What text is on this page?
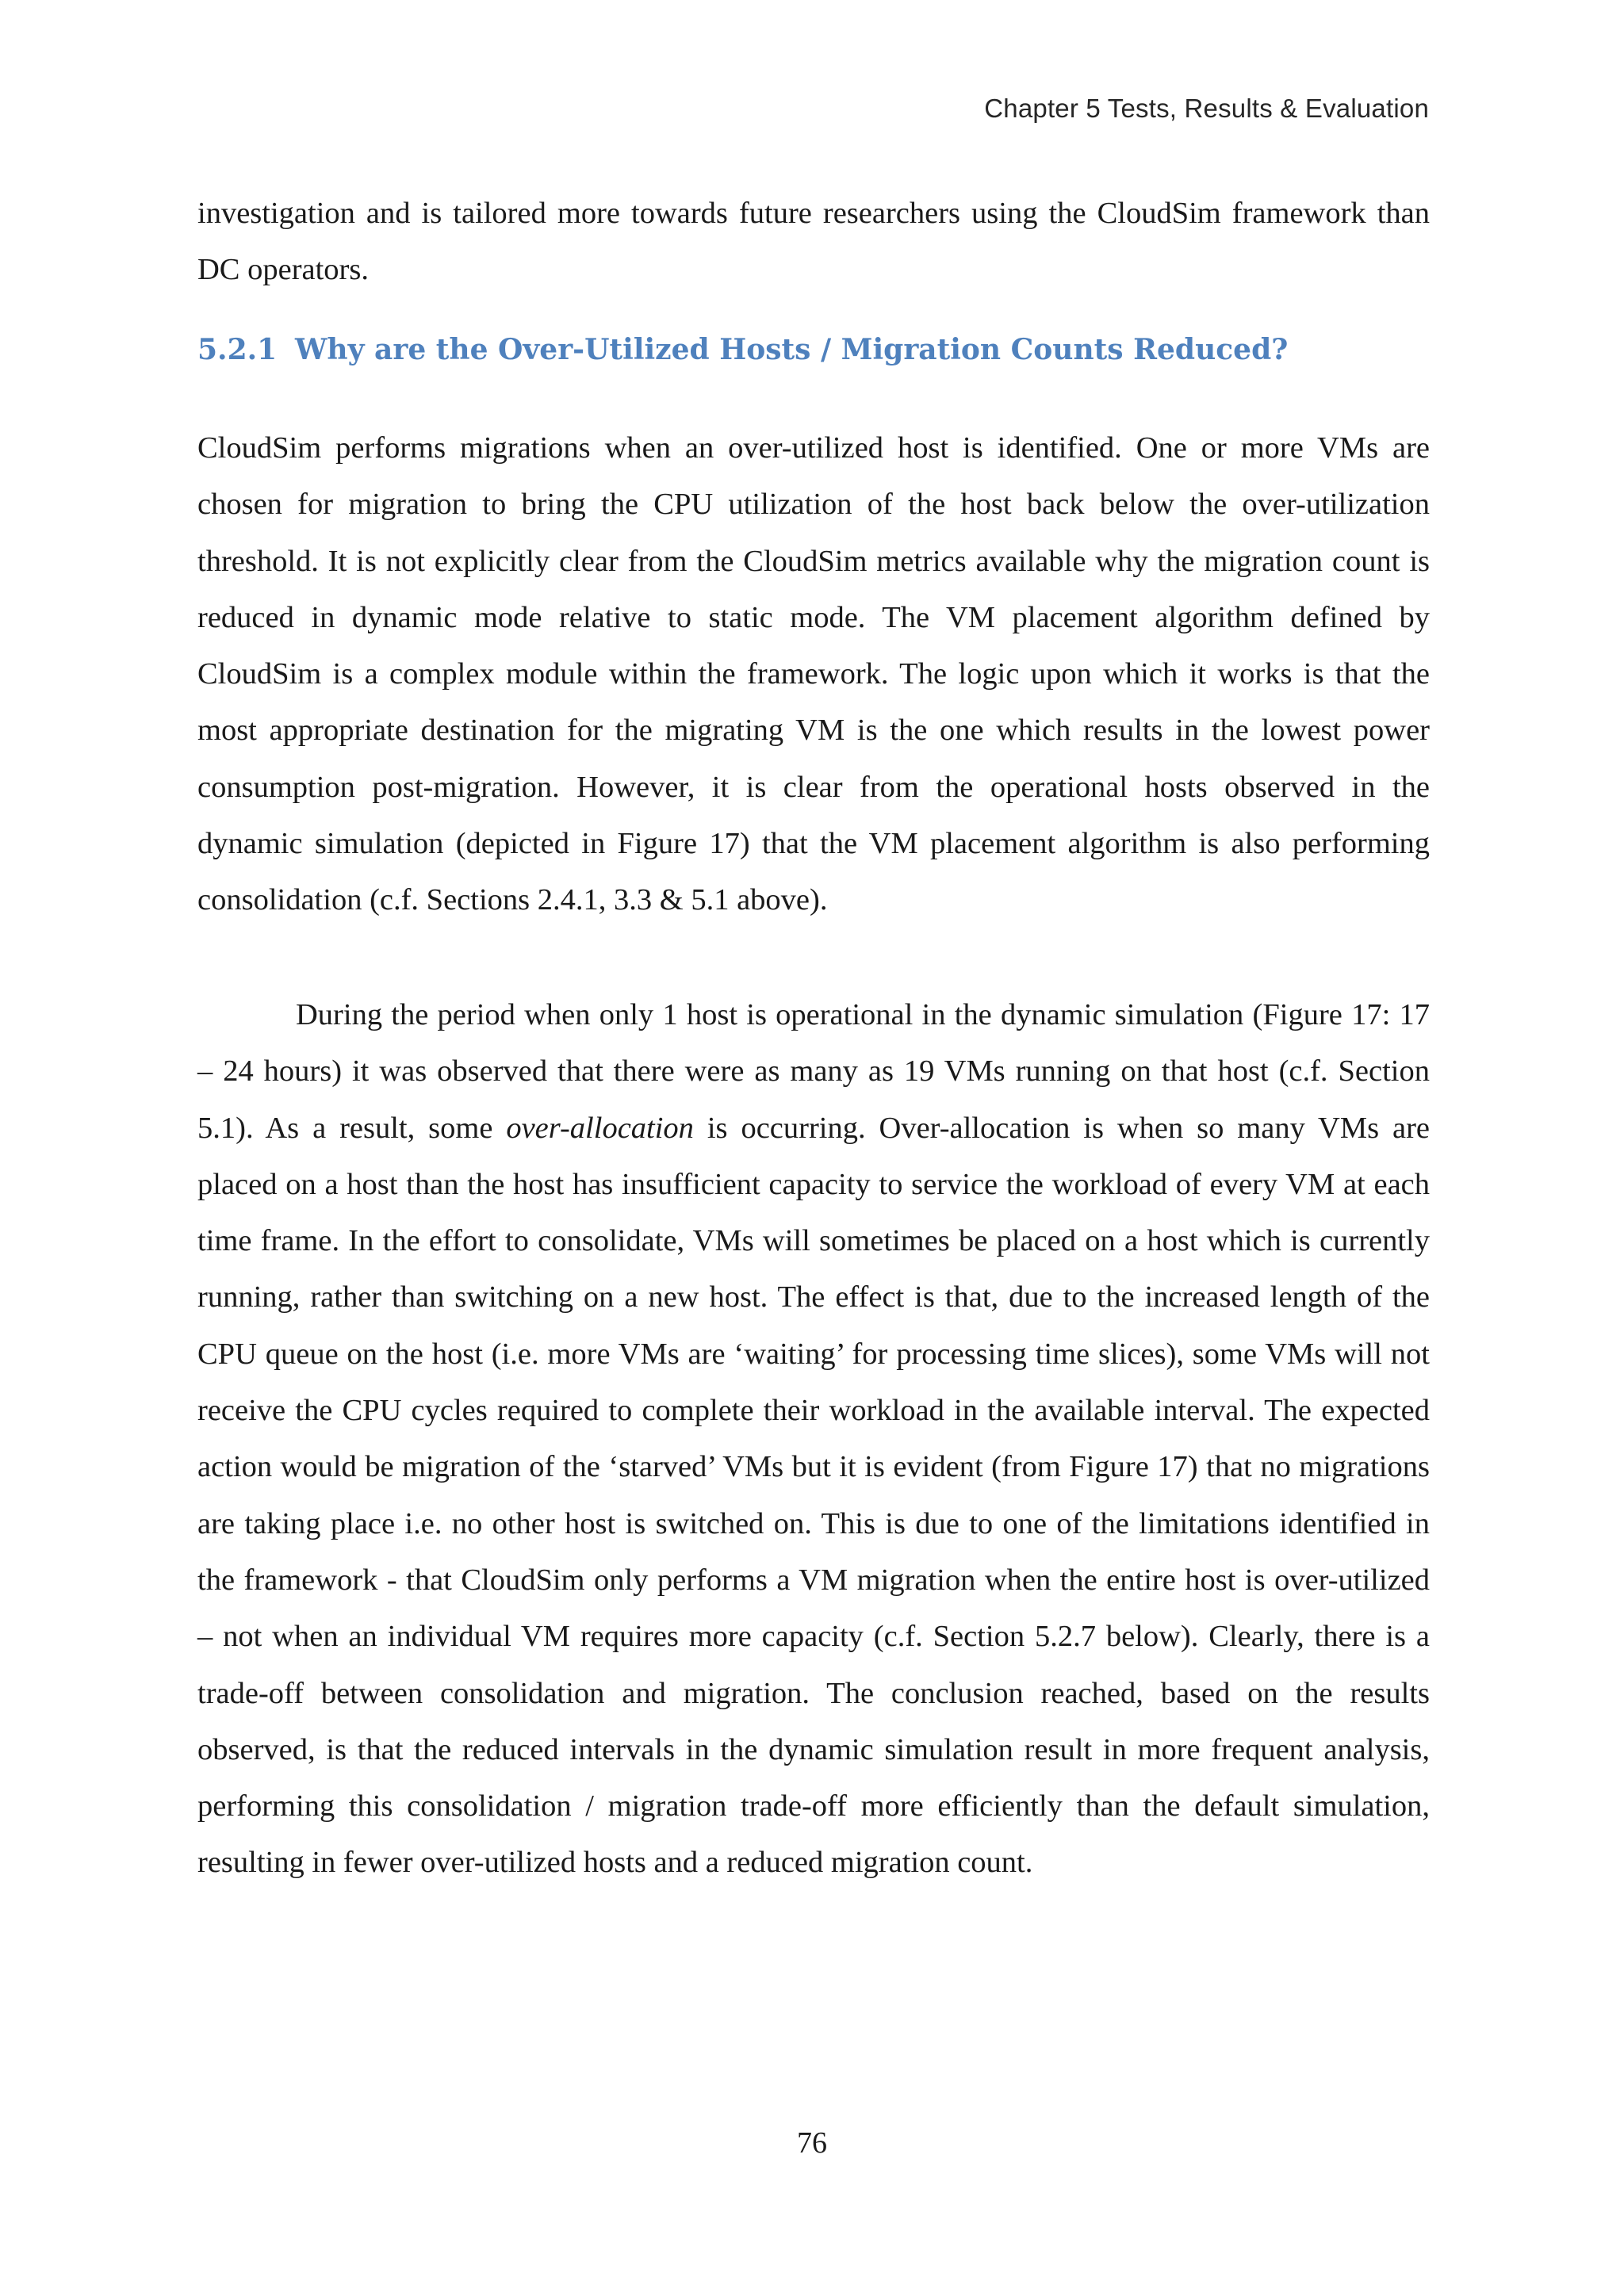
Chapter 5 Tests, Results & Evaluation

investigation and is tailored more towards future researchers using the CloudSim framework than DC operators.

5.2.1 Why are the Over-Utilized Hosts / Migration Counts Reduced?

CloudSim performs migrations when an over-utilized host is identified. One or more VMs are chosen for migration to bring the CPU utilization of the host back below the over-utilization threshold. It is not explicitly clear from the CloudSim metrics available why the migration count is reduced in dynamic mode relative to static mode. The VM placement algorithm defined by CloudSim is a complex module within the framework. The logic upon which it works is that the most appropriate destination for the migrating VM is the one which results in the lowest power consumption post-migration. However, it is clear from the operational hosts observed in the dynamic simulation (depicted in Figure 17) that the VM placement algorithm is also performing consolidation (c.f. Sections 2.4.1, 3.3 & 5.1 above).

During the period when only 1 host is operational in the dynamic simulation (Figure 17: 17 – 24 hours) it was observed that there were as many as 19 VMs running on that host (c.f. Section 5.1). As a result, some over-allocation is occurring. Over-allocation is when so many VMs are placed on a host than the host has insufficient capacity to service the workload of every VM at each time frame. In the effort to consolidate, VMs will sometimes be placed on a host which is currently running, rather than switching on a new host. The effect is that, due to the increased length of the CPU queue on the host (i.e. more VMs are ‘waiting’ for processing time slices), some VMs will not receive the CPU cycles required to complete their workload in the available interval. The expected action would be migration of the ‘starved’ VMs but it is evident (from Figure 17) that no migrations are taking place i.e. no other host is switched on. This is due to one of the limitations identified in the framework - that CloudSim only performs a VM migration when the entire host is over-utilized – not when an individual VM requires more capacity (c.f. Section 5.2.7 below). Clearly, there is a trade-off between consolidation and migration. The conclusion reached, based on the results observed, is that the reduced intervals in the dynamic simulation result in more frequent analysis, performing this consolidation / migration trade-off more efficiently than the default simulation, resulting in fewer over-utilized hosts and a reduced migration count.

76
